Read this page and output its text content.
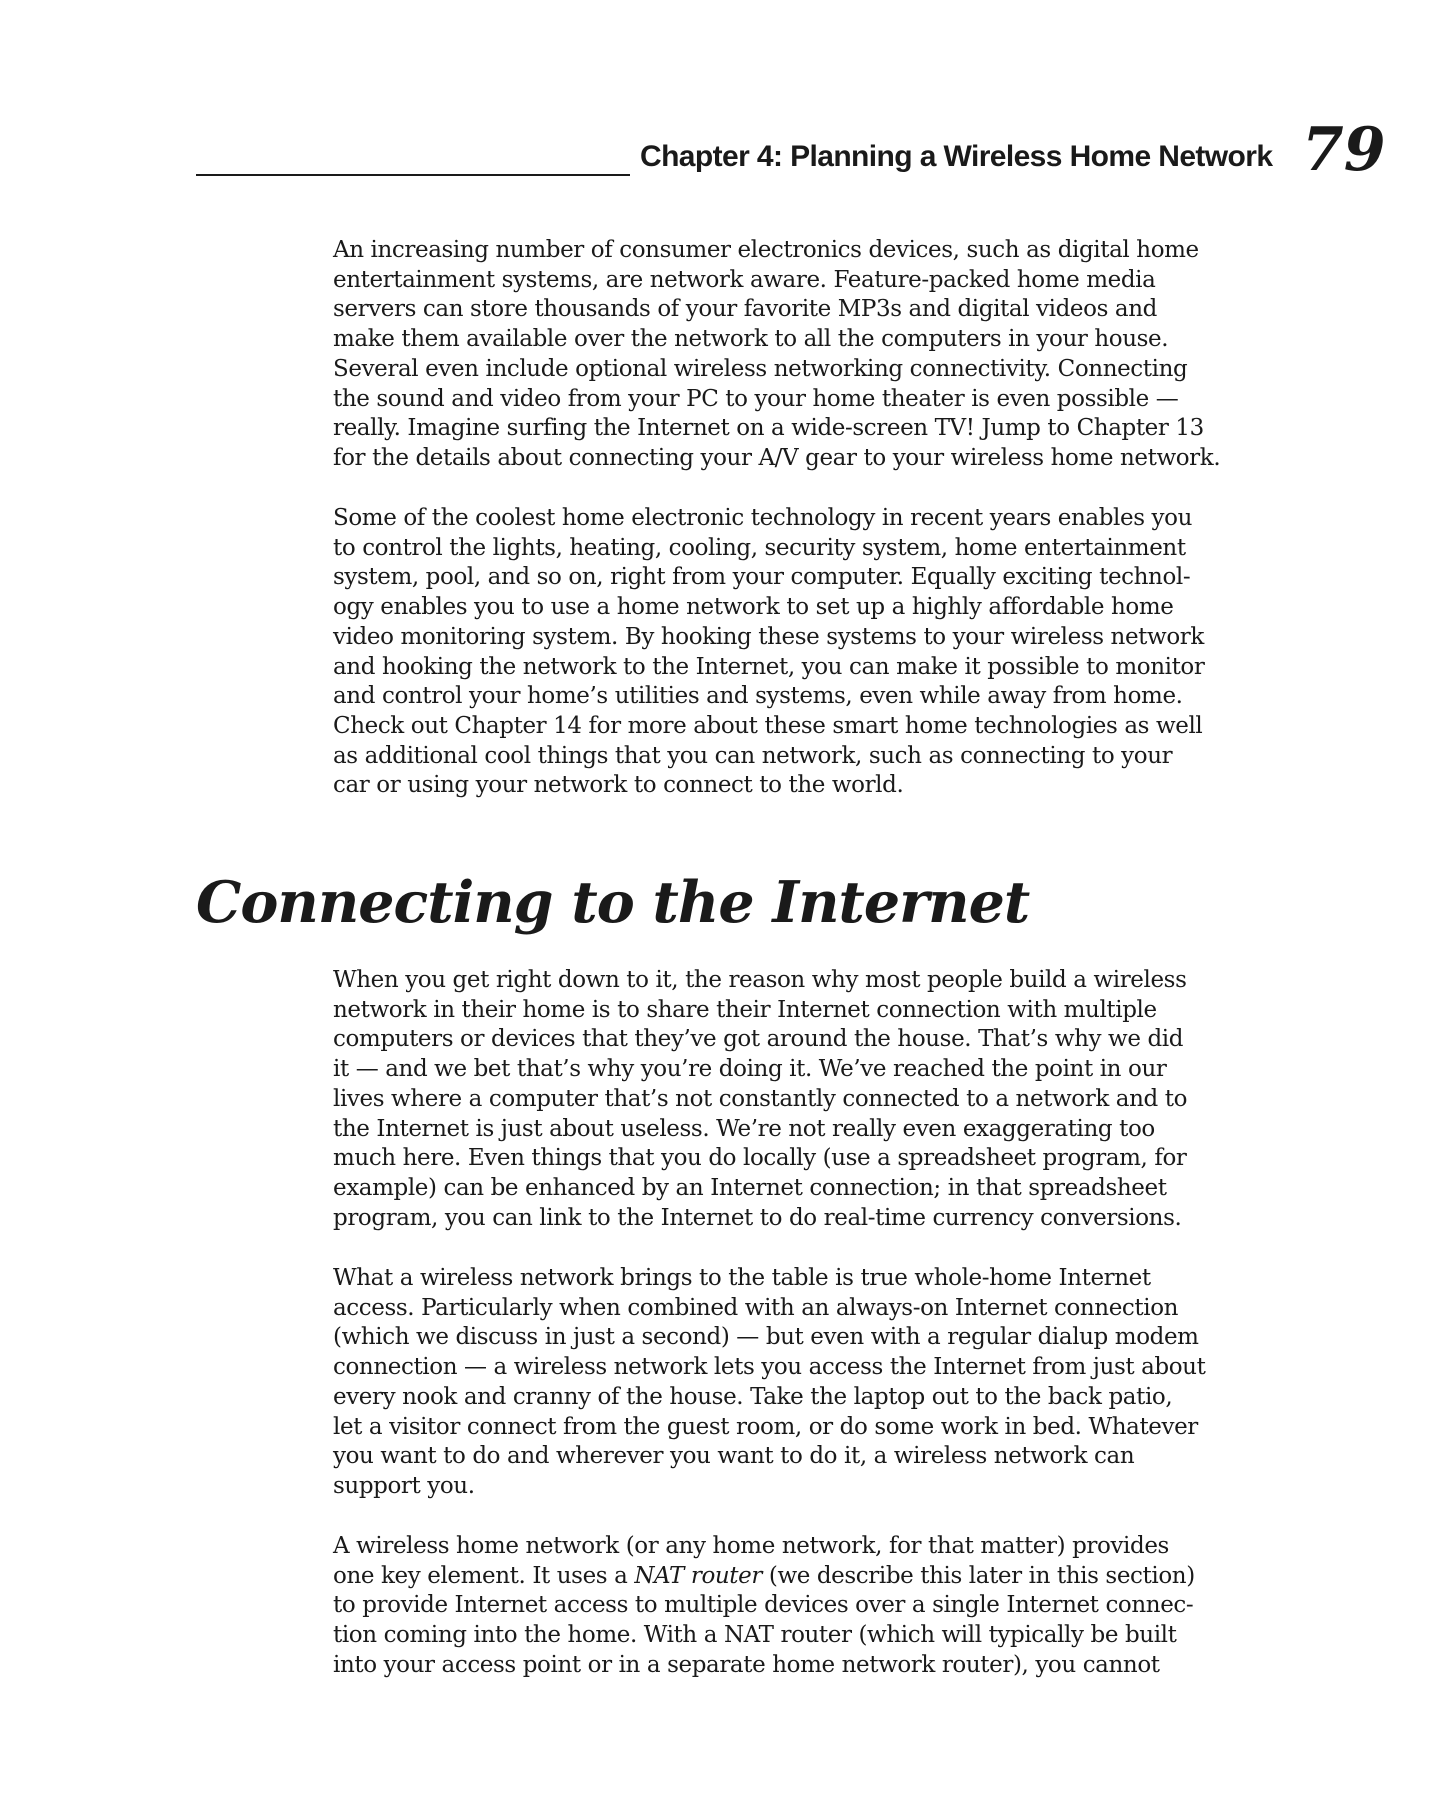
Chapter 4: Planning a Wireless Home Network 79

An increasing number of consumer electronics devices, such as digital home
entertainment systems, are network aware. Feature-packed home media
servers can store thousands of your favorite MP3s and digital videos and
make them available over the network to all the computers in your house.
Several even include optional wireless networking connectivity. Connecting
the sound and video from your PC to your home theater is even possible —
really. Imagine surfing the Internet on a wide-screen TV! Jump to Chapter 13
for the details about connecting your A/V gear to your wireless home network.

Some of the coolest home electronic technology in recent years enables you
to control the lights, heating, cooling, security system, home entertainment
system, pool, and so on, right from your computer. Equally exciting technol-
ogy enables you to use a home network to set up a highly affordable home
video monitoring system. By hooking these systems to your wireless network
and hooking the network to the Internet, you can make it possible to monitor
and control your home’s utilities and systems, even while away from home.
Check out Chapter 14 for more about these smart home technologies as well
as additional cool things that you can network, such as connecting to your
car or using your network to connect to the world.

Connecting to the Internet

When you get right down to it, the reason why most people build a wireless
network in their home is to share their Internet connection with multiple
computers or devices that they’ve got around the house. That’s why we did
it — and we bet that’s why you’re doing it. We’ve reached the point in our
lives where a computer that’s not constantly connected to a network and to
the Internet is just about useless. We’re not really even exaggerating too
much here. Even things that you do locally (use a spreadsheet program, for
example) can be enhanced by an Internet connection; in that spreadsheet
program, you can link to the Internet to do real-time currency conversions.

What a wireless network brings to the table is true whole-home Internet
access. Particularly when combined with an always-on Internet connection
(which we discuss in just a second) — but even with a regular dialup modem
connection — a wireless network lets you access the Internet from just about
every nook and cranny of the house. Take the laptop out to the back patio,
let a visitor connect from the guest room, or do some work in bed. Whatever
you want to do and wherever you want to do it, a wireless network can
support you.

A wireless home network (or any home network, for that matter) provides
one key element. It uses a NAT router (we describe this later in this section)
to provide Internet access to multiple devices over a single Internet connec-
tion coming into the home. With a NAT router (which will typically be built
into your access point or in a separate home network router), you cannot
